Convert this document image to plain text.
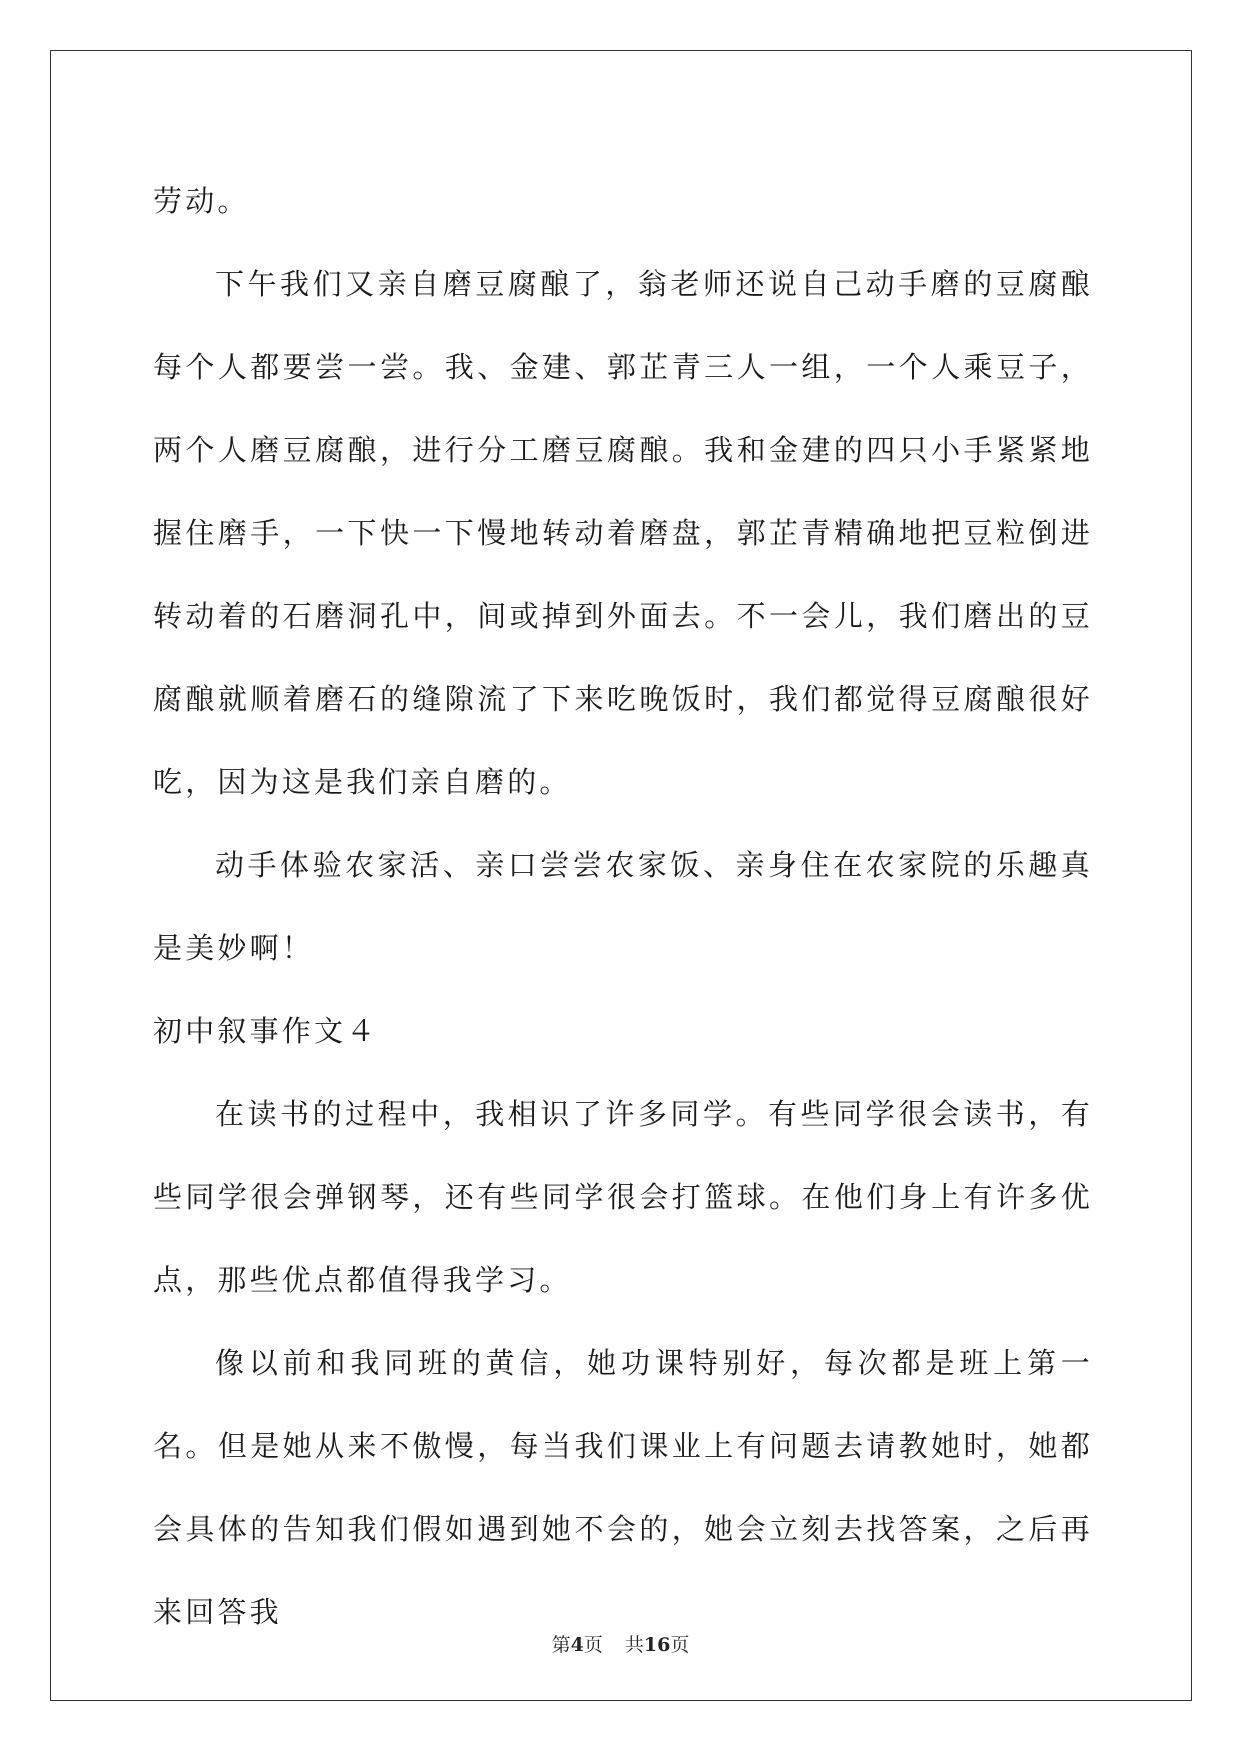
劳动。

下午我们又亲自磨豆腐酿了，翁老师还说自己动手磨的豆腐酿每个人都要尝一尝。我、金建、郭芷青三人一组，一个人乘豆子，两个人磨豆腐酿，进行分工磨豆腐酿。我和金建的四只小手紧紧地握住磨手，一下快一下慢地转动着磨盘，郭芷青精确地把豆粒倒进转动着的石磨洞孔中，间或掉到外面去。不一会儿，我们磨出的豆腐酿就顺着磨石的缝隙流了下来吃晚饭时，我们都觉得豆腐酿很好吃，因为这是我们亲自磨的。

动手体验农家活、亲口尝尝农家饭、亲身住在农家院的乐趣真是美妙啊！

初中叙事作文４

在读书的过程中，我相识了许多同学。有些同学很会读书，有些同学很会弹钢琴，还有些同学很会打篮球。在他们身上有许多优点，那些优点都值得我学习。

像以前和我同班的黄信，她功课特别好，每次都是班上第一名。但是她从来不傲慢，每当我们课业上有问题去请教她时，她都会具体的告知我们假如遇到她不会的，她会立刻去找答案，之后再来回答我

第4页 共16页
